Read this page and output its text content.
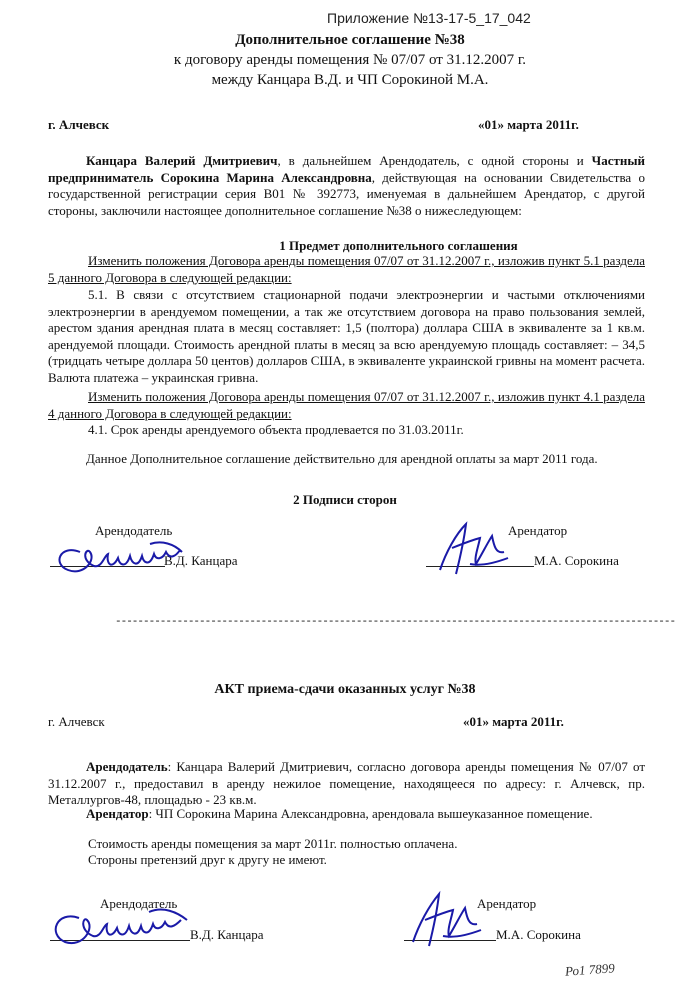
Приложение №13-17-5_17_042
Дополнительное соглашение №38
к договору аренды помещения № 07/07 от 31.12.2007 г.
между Канцара В.Д. и ЧП Сорокиной М.А.
г. Алчевск	«01» марта 2011г.
Канцара Валерий Дмитриевич, в дальнейшем Арендодатель, с одной стороны и Частный предприниматель Сорокина Марина Александровна, действующая на основании Свидетельства о государственной регистрации серия В01 № 392773, именуемая в дальнейшем Арендатор, с другой стороны, заключили настоящее дополнительное соглашение №38 о нижеследующем:
1 Предмет дополнительного соглашения
Изменить положения Договора аренды помещения 07/07 от 31.12.2007 г., изложив пункт 5.1 раздела 5 данного Договора в следующей редакции:
5.1. В связи с отсутствием стационарной подачи электроэнергии и частыми отключениями электроэнергии в арендуемом помещении, а так же отсутствием договора на право пользования землей, арестом здания арендная плата в месяц составляет: 1,5 (полтора) доллара США в эквиваленте за 1 кв.м. арендуемой площади. Стоимость арендной платы в месяц за всю арендуемую площадь составляет: – 34,5 (тридцать четыре доллара 50 центов) долларов США, в эквиваленте украинской гривны на момент расчета. Валюта платежа – украинская гривна.
Изменить положения Договора аренды помещения 07/07 от 31.12.2007 г., изложив пункт 4.1 раздела 4 данного Договора в следующей редакции:
4.1. Срок аренды арендуемого объекта продлевается по 31.03.2011г.
Данное Дополнительное соглашение действительно для арендной оплаты за март 2011 года.
2 Подписи сторон
Арендодатель
В.Д. Канцара
Арендатор
М.А. Сорокина
----------------------------------------------------------------------------------------------------
АКТ приема-сдачи оказанных услуг №38
г. Алчевск	«01» марта 2011г.
Арендодатель: Канцара Валерий Дмитриевич, согласно договора аренды помещения № 07/07 от 31.12.2007 г., предоставил в аренду нежилое помещение, находящееся по адресу: г. Алчевск, пр. Металлургов-48, площадью - 23 кв.м.
Арендатор: ЧП Сорокина Марина Александровна, арендовала вышеуказанное помещение.
Стоимость аренды помещения за март 2011г. полностью оплачена.
Стороны претензий друг к другу не имеют.
Арендодатель
В.Д. Канцара
Арендатор
М.А. Сорокина
Ро1 7899
